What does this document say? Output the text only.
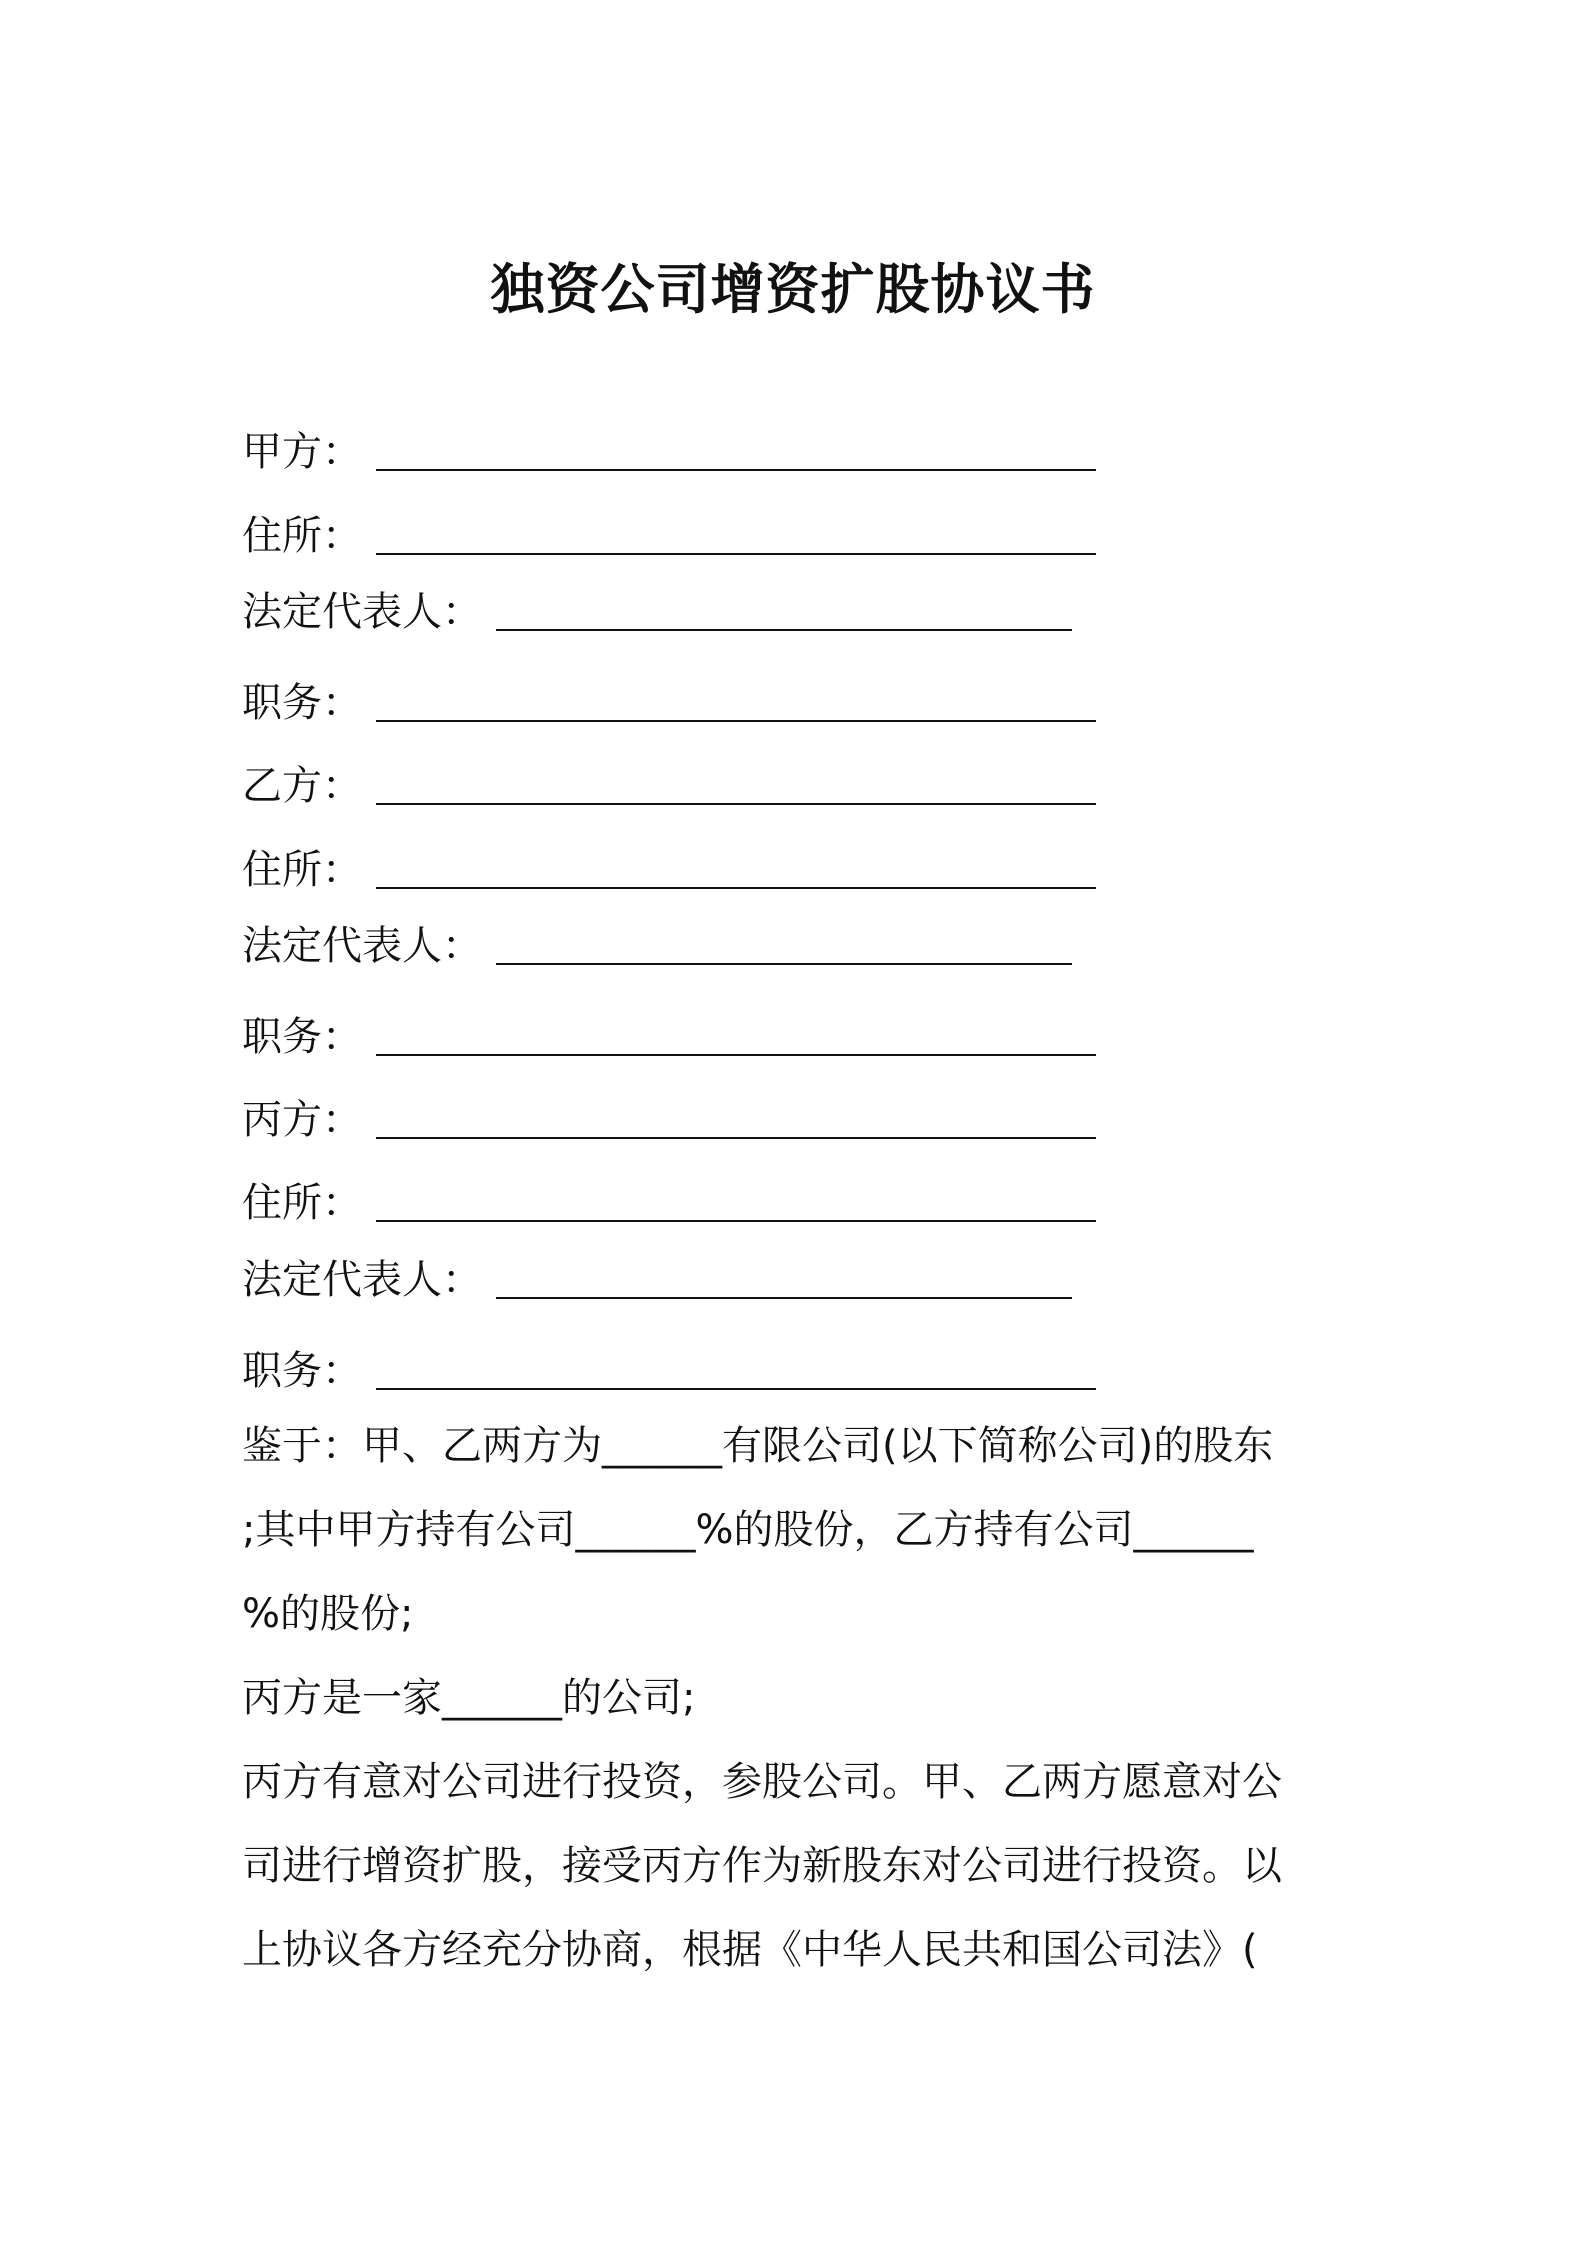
独资公司增资扩股协议书
甲方：
住所：
法定代表人：
职务：
乙方：
住所：
法定代表人：
职务：
丙方：
住所：
法定代表人：
职务：
鉴于：甲、乙两方为______有限公司(以下简称公司)的股东
;其中甲方持有公司______%的股份，乙方持有公司______
%的股份;
丙方是一家______的公司;
丙方有意对公司进行投资，参股公司。甲、乙两方愿意对公
司进行增资扩股，接受丙方作为新股东对公司进行投资。以
上协议各方经充分协商，根据《中华人民共和国公司法》(
